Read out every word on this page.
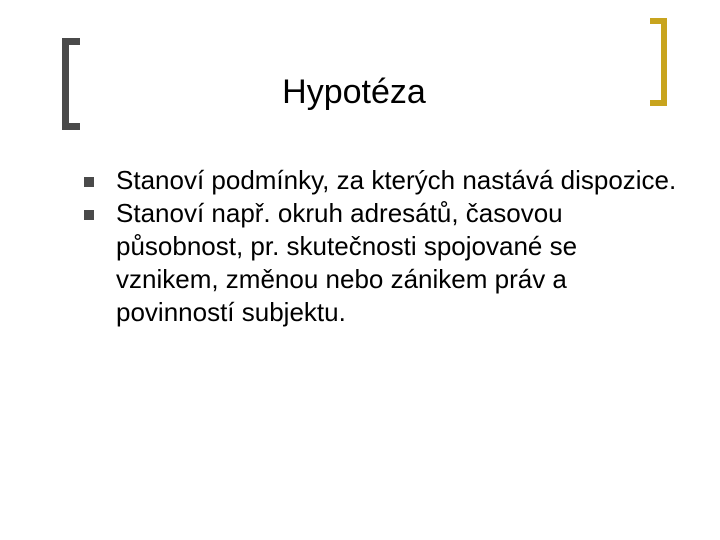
Hypotéza
Stanoví podmínky, za kterých nastává dispozice.
Stanoví např. okruh adresátů, časovou působnost, pr. skutečnosti spojované se vznikem, změnou nebo zánikem práv a povinností subjektu.
